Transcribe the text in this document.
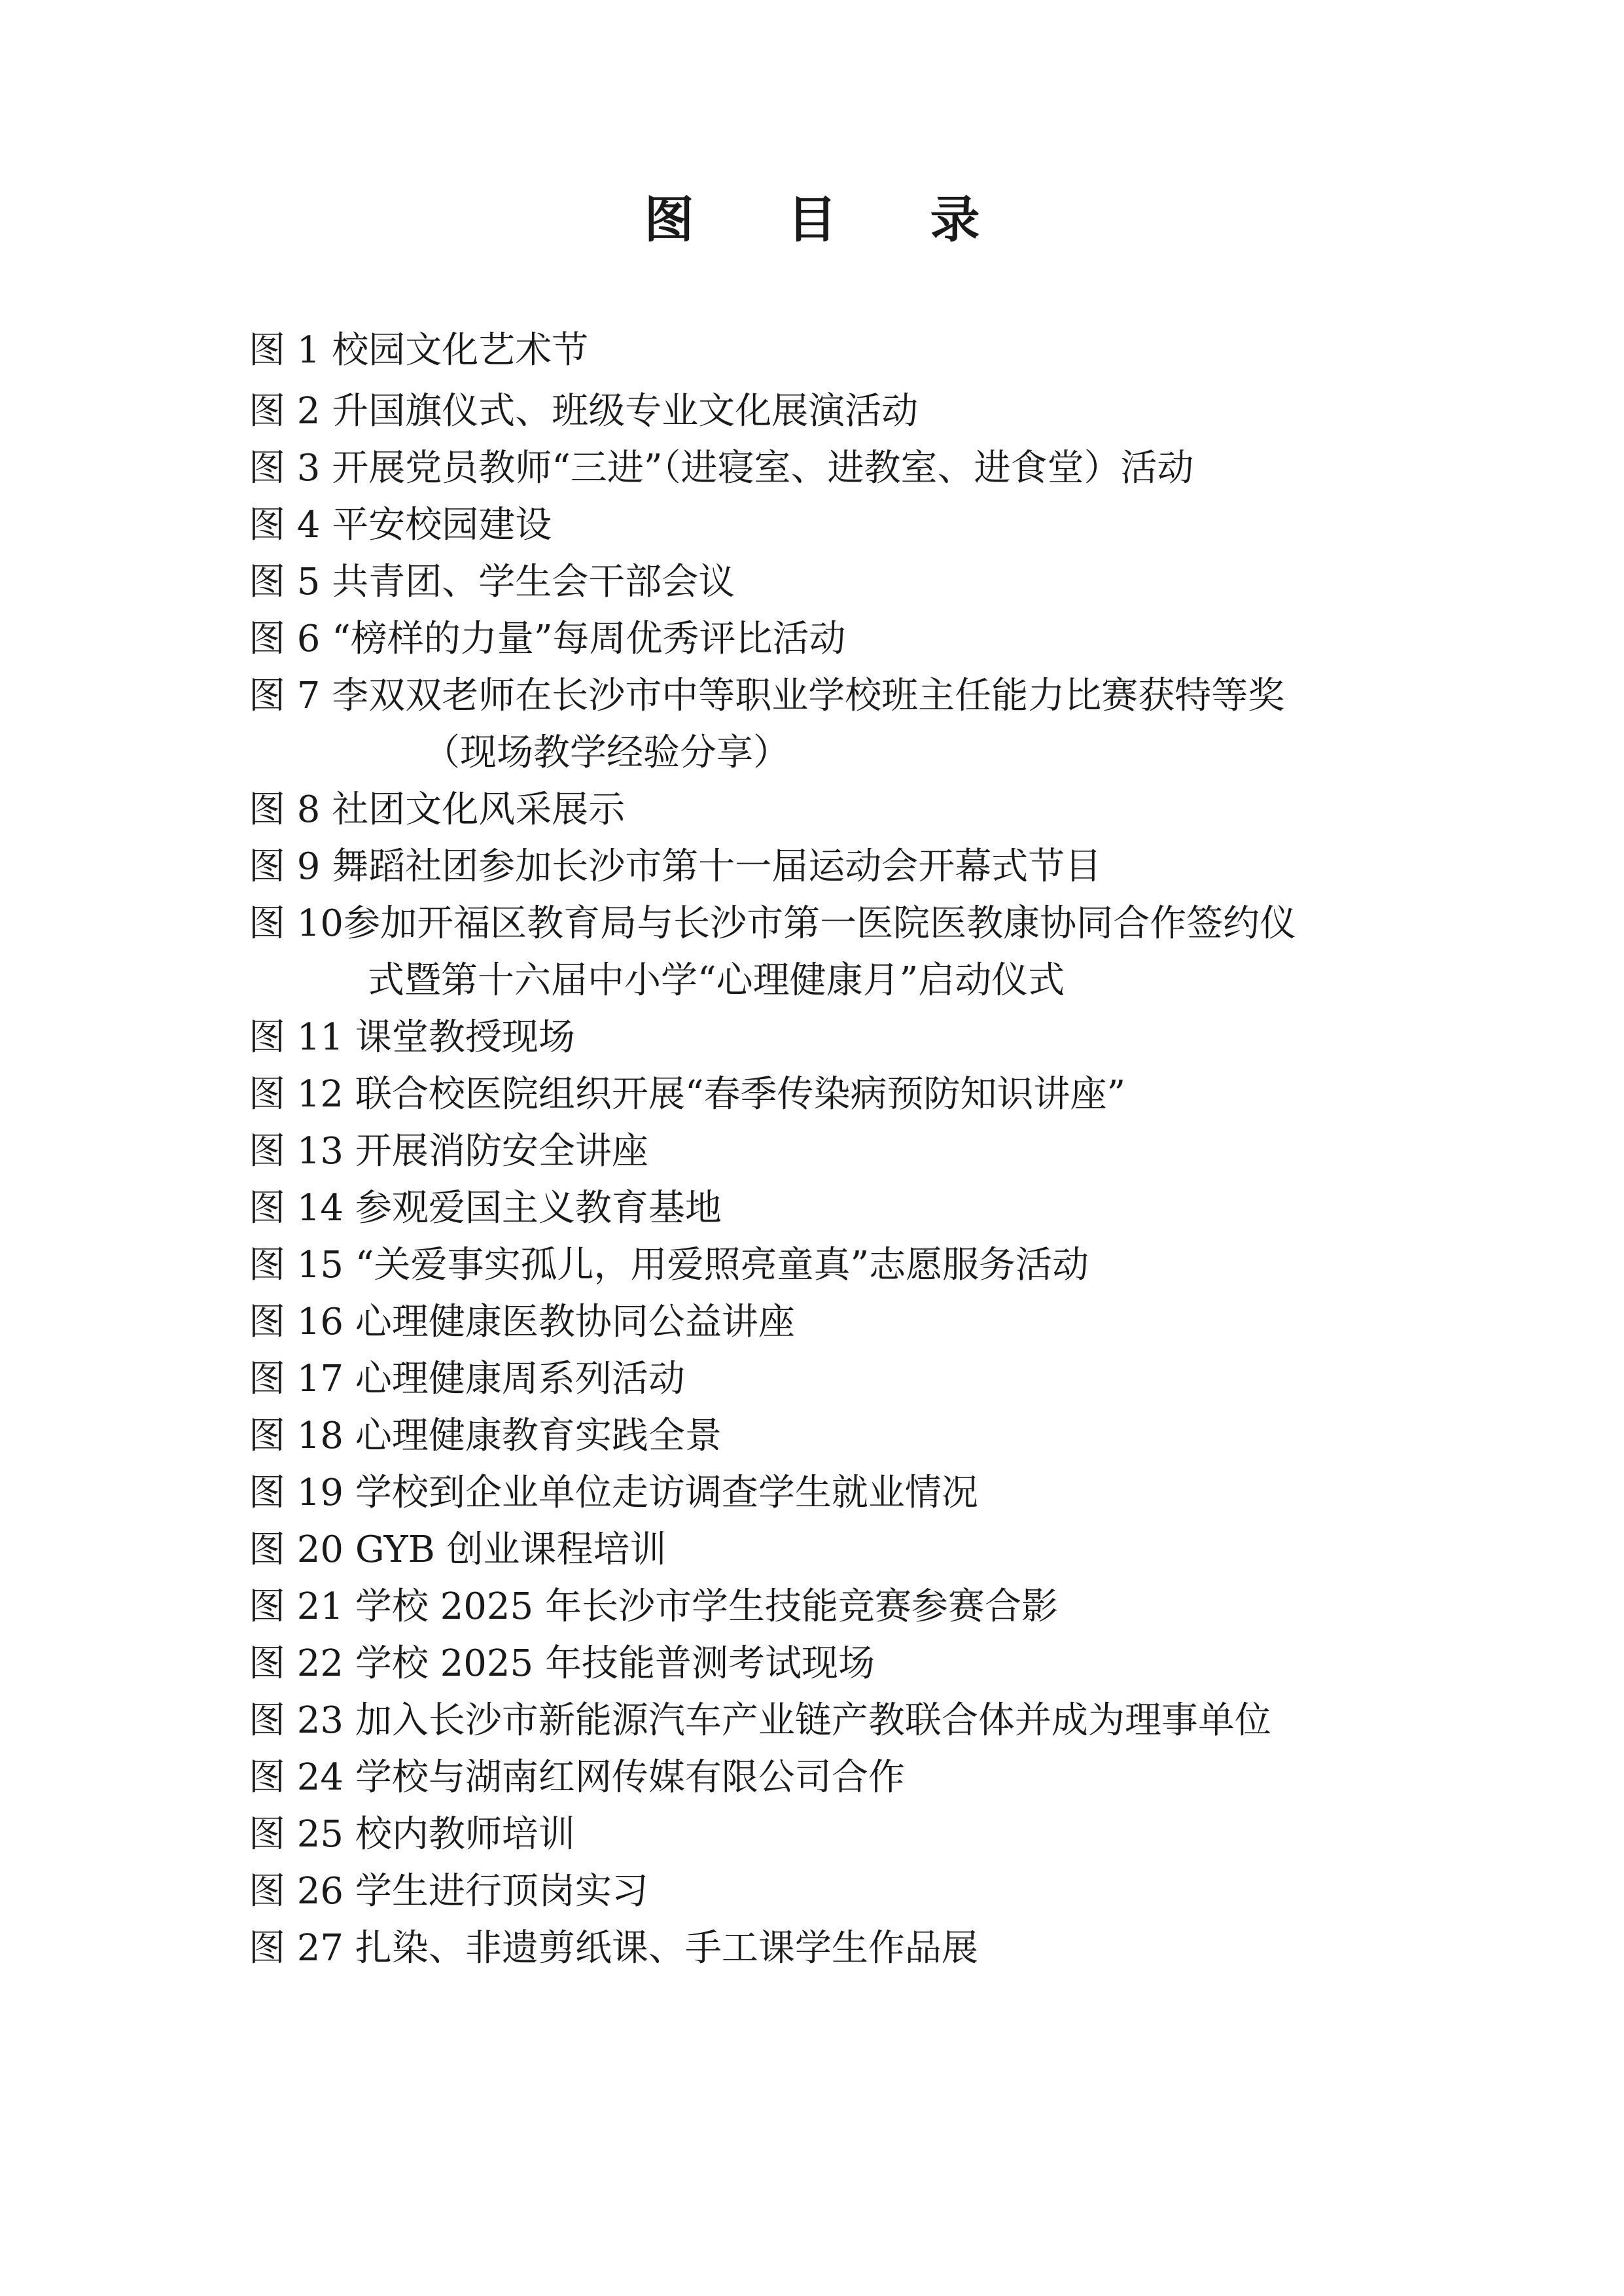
图 目 录
图 1 校园文化艺术节
图 2 升国旗仪式、班级专业文化展演活动
图 3 开展党员教师“三进”（进寝室、进教室、进食堂）活动
图 4 平安校园建设
图 5 共青团、学生会干部会议
图 6 “榜样的力量”每周优秀评比活动
图 7 李双双老师在长沙市中等职业学校班主任能力比赛获特等奖
（现场教学经验分享）
图 8 社团文化风采展示
图 9 舞蹈社团参加长沙市第十一届运动会开幕式节目
图 10参加开福区教育局与长沙市第一医院医教康协同合作签约仪
式暨第十六届中小学“心理健康月”启动仪式
图 11 课堂教授现场
图 12 联合校医院组织开展“春季传染病预防知识讲座”
图 13 开展消防安全讲座
图 14 参观爱国主义教育基地
图 15 “关爱事实孤儿，用爱照亮童真”志愿服务活动
图 16 心理健康医教协同公益讲座
图 17 心理健康周系列活动
图 18 心理健康教育实践全景
图 19 学校到企业单位走访调查学生就业情况
图 20 GYB 创业课程培训
图 21 学校 2025 年长沙市学生技能竞赛参赛合影
图 22 学校 2025 年技能普测考试现场
图 23 加入长沙市新能源汽车产业链产教联合体并成为理事单位
图 24 学校与湖南红网传媒有限公司合作
图 25 校内教师培训
图 26 学生进行顶岗实习
图 27 扎染、非遗剪纸课、手工课学生作品展
